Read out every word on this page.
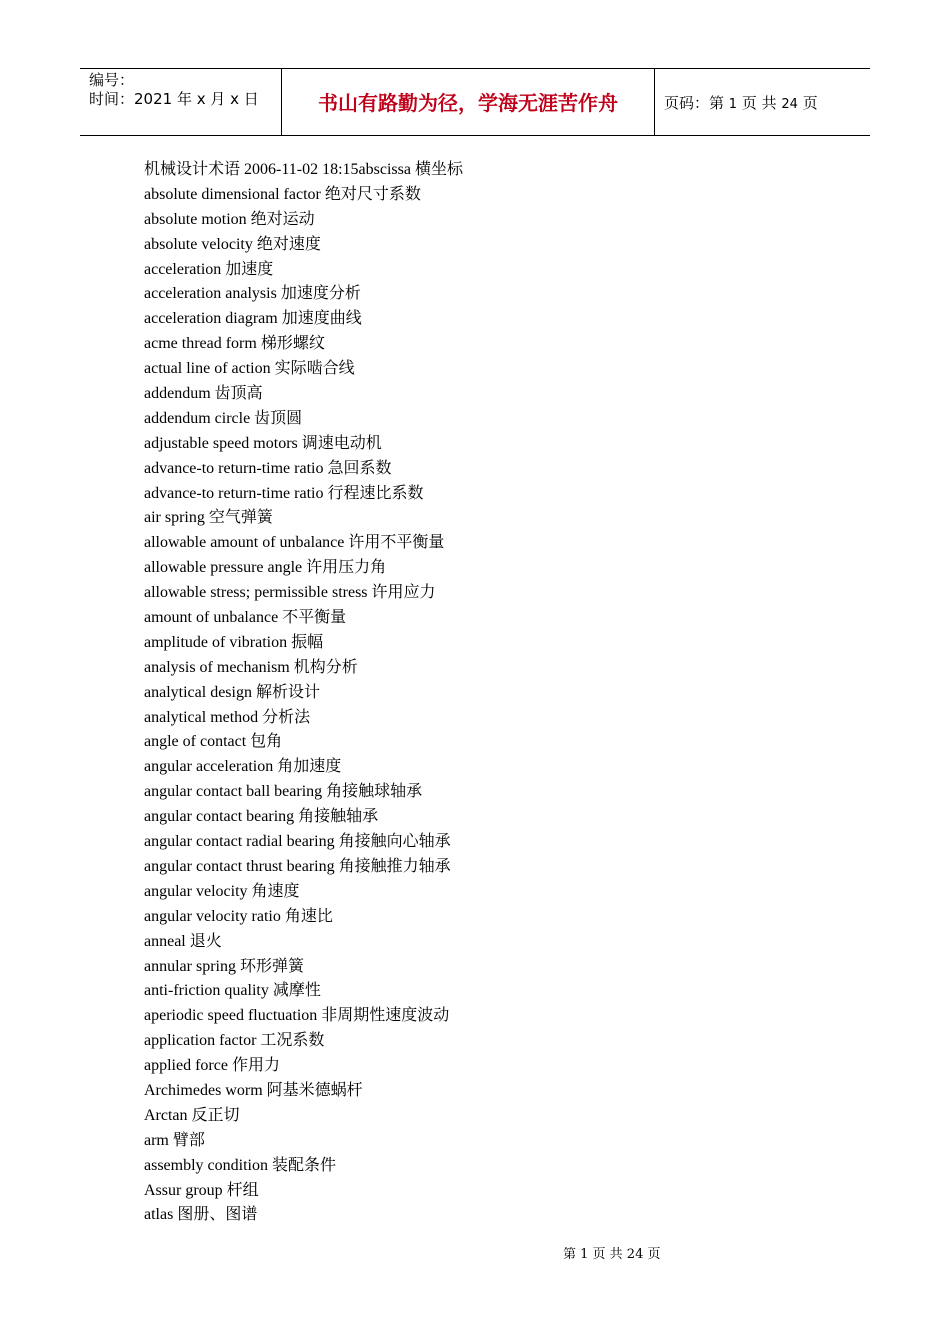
编号：
时间：2021 年 x 月 x 日	书山有路勤为径，学海无涯苦作舟	页码：第 1 页 共 24 页
机械设计术语 2006-11-02 18:15abscissa 横坐标
absolute dimensional factor 绝对尺寸系数
absolute motion 绝对运动
absolute velocity 绝对速度
acceleration 加速度
acceleration analysis 加速度分析
acceleration diagram 加速度曲线
acme thread form 梯形螺纹
actual line of action 实际啮合线
addendum 齿顶高
addendum circle 齿顶圆
adjustable speed motors 调速电动机
advance-to return-time ratio 急回系数
advance-to return-time ratio 行程速比系数
air spring 空气弹簧
allowable amount of unbalance 许用不平衡量
allowable pressure angle 许用压力角
allowable stress; permissible stress 许用应力
amount of unbalance 不平衡量
amplitude of vibration 振幅
analysis of mechanism 机构分析
analytical design 解析设计
analytical method 分析法
angle of contact 包角
angular acceleration 角加速度
angular contact ball bearing 角接触球轴承
angular contact bearing 角接触轴承
angular contact radial bearing 角接触向心轴承
angular contact thrust bearing 角接触推力轴承
angular velocity 角速度
angular velocity ratio 角速比
anneal 退火
annular spring 环形弹簧
anti-friction quality 减摩性
aperiodic speed fluctuation 非周期性速度波动
application factor 工况系数
applied force 作用力
Archimedes worm 阿基米德蜗杆
Arctan 反正切
arm 臂部
assembly condition 装配条件
Assur group 杆组
atlas 图册、图谱
第 1 页 共 24 页
